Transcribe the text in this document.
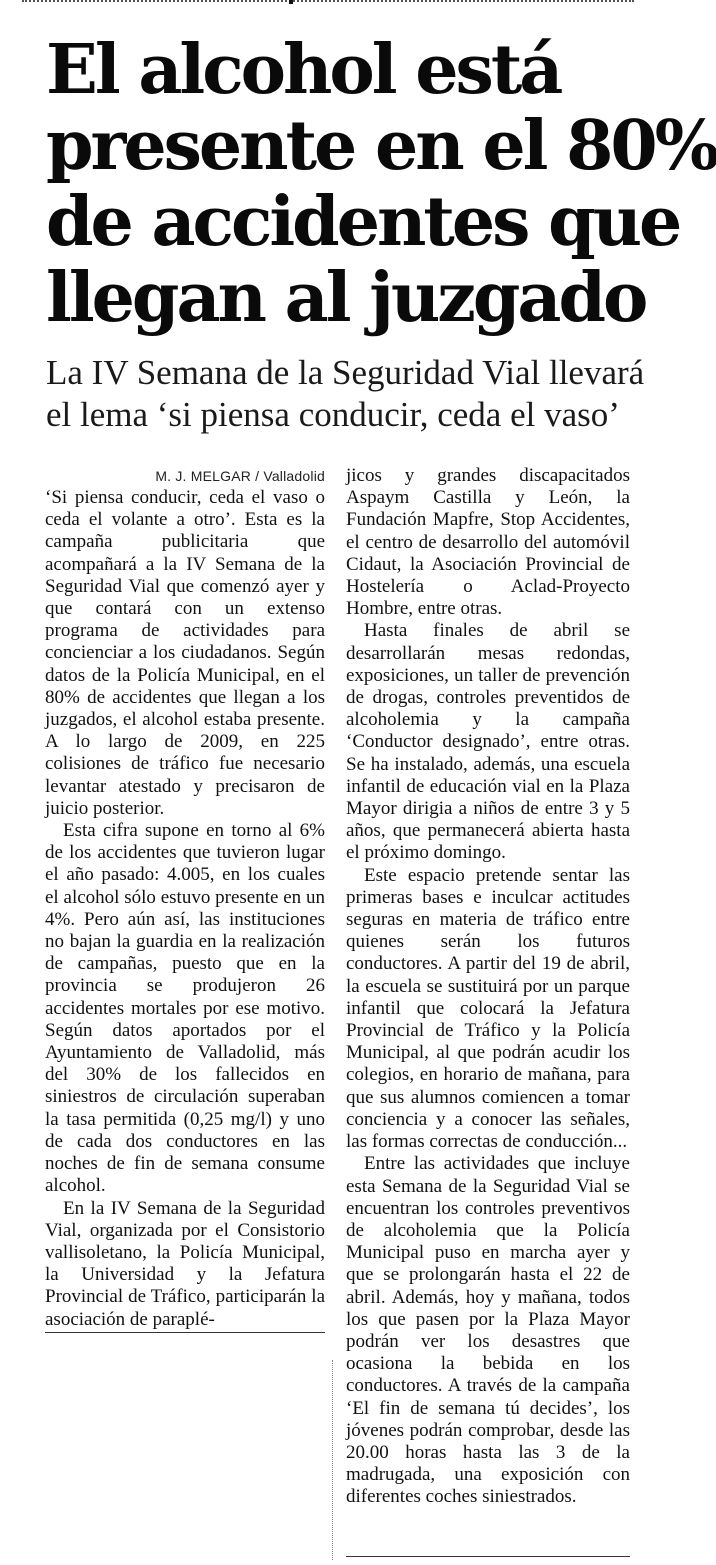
El alcohol está
presente en el 80%
de accidentes que
llegan al juzgado
La IV Semana de la Seguridad Vial llevará
el lema ‘si piensa conducir, ceda el vaso’
M. J. MELGAR / Valladolid

‘Si piensa conducir, ceda el vaso o ceda el volante a otro’. Esta es la campaña publicitaria que acompañará a la IV Semana de la Seguridad Vial que comenzó ayer y que contará con un extenso programa de actividades para concienciar a los ciudadanos. Según datos de la Policía Municipal, en el 80% de accidentes que llegan a los juzgados, el alcohol estaba presente. A lo largo de 2009, en 225 colisiones de tráfico fue necesario levantar atestado y precisaron de juicio posterior.

Esta cifra supone en torno al 6% de los accidentes que tuvieron lugar el año pasado: 4.005, en los cuales el alcohol sólo estuvo presente en un 4%. Pero aún así, las instituciones no bajan la guardia en la realización de campañas, puesto que en la provincia se produjeron 26 accidentes mortales por ese motivo. Según datos aportados por el Ayuntamiento de Valladolid, más del 30% de los fallecidos en siniestros de circulación superaban la tasa permitida (0,25 mg/l) y uno de cada dos conductores en las noches de fin de semana consume alcohol.

En la IV Semana de la Seguridad Vial, organizada por el Consistorio vallisoletano, la Policía Municipal, la Universidad y la Jefatura Provincial de Tráfico, participarán la asociación de paraplé-

jicos y grandes discapacitados Aspaym Castilla y León, la Fundación Mapfre, Stop Accidentes, el centro de desarrollo del automóvil Cidaut, la Asociación Provincial de Hostelería o Aclad-Proyecto Hombre, entre otras.

Hasta finales de abril se desarrollarán mesas redondas, exposiciones, un taller de prevención de drogas, controles preventidos de alcoholemia y la campaña ‘Conductor designado’, entre otras. Se ha instalado, además, una escuela infantil de educación vial en la Plaza Mayor dirigia a niños de entre 3 y 5 años, que permanecerá abierta hasta el próximo domingo.

Este espacio pretende sentar las primeras bases e inculcar actitudes seguras en materia de tráfico entre quienes serán los futuros conductores. A partir del 19 de abril, la escuela se sustituirá por un parque infantil que colocará la Jefatura Provincial de Tráfico y la Policía Municipal, al que podrán acudir los colegios, en horario de mañana, para que sus alumnos comiencen a tomar conciencia y a conocer las señales, las formas correctas de conducción...

Entre las actividades que incluye esta Semana de la Seguridad Vial se encuentran los controles preventivos de alcoholemia que la Policía Municipal puso en marcha ayer y que se prolongarán hasta el 22 de abril. Además, hoy y mañana, todos los que pasen por la Plaza Mayor podrán ver los desastres que ocasiona la bebida en los conductores. A través de la campaña ‘El fin de semana tú decides’, los jóvenes podrán comprobar, desde las 20.00 horas hasta las 3 de la madrugada, una exposición con diferentes coches siniestrados.
